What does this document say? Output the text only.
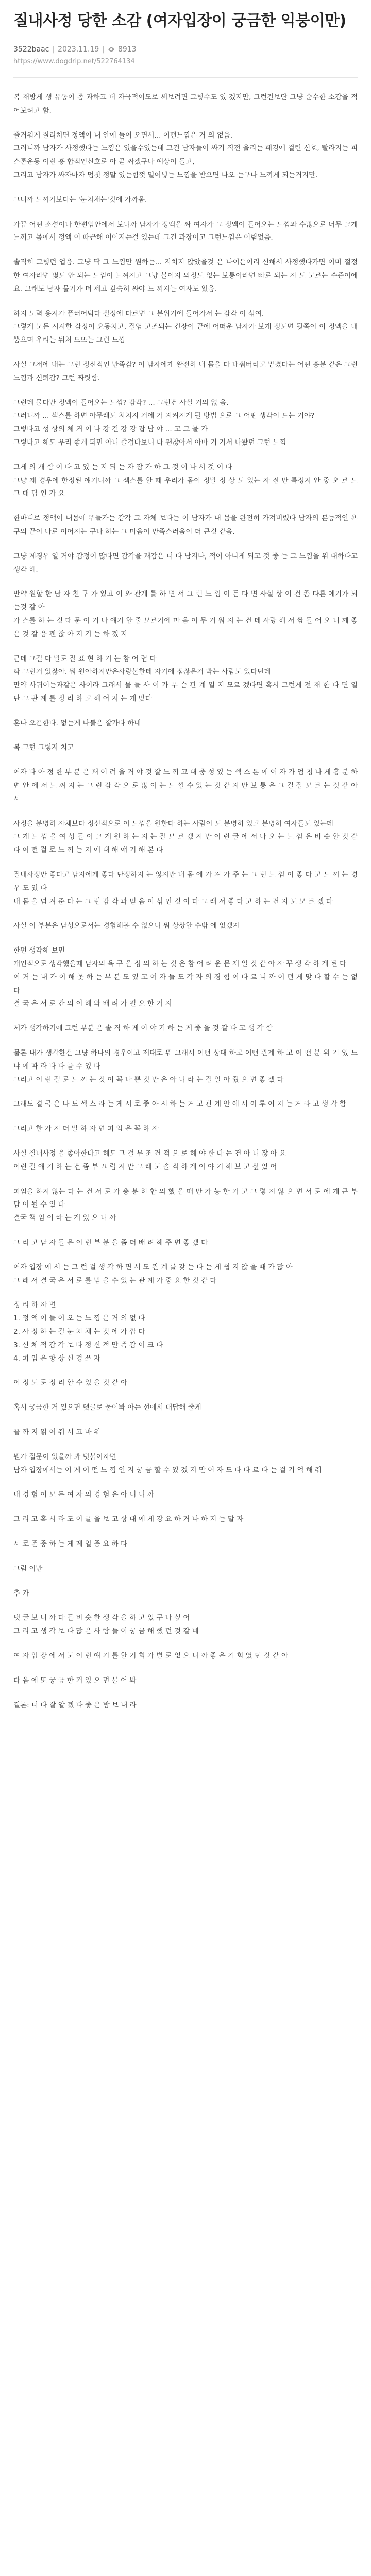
질내사정 당한 소감 (여자입장이 궁금한 익붕이만)
3522baac | 2023.11.19 | 8913
https://www.dogdrip.net/522764134

복 재방게 생 유동이 좀 과하고 더 자극적이도로 써보려면 그렇수도 있 겠지만, 그런건보단 그냥 순수한 소감을 적어보려고 함.

즐거워게 질리치면 정액이 내 안에 들어 오면서... 어떤느낌은 거 의 없음.

그러니까 남자가 사정했다는 느낌은 있을수있는데 그건 남자들이 싸기 직전 울리는 페깅에 걸린 신호, 빨라지는 피스톤운동 이런 흥 합적인신호로 아 곧 싸겠구나 예상이 들고,

그리고 남자가 싸자마자 멈칫 정말 있는힘껏 밀어넣는 느낌을 받으면 나오 는구나 느끼게 되는거지만.

그니까 느끼기보다는 '눈치채는'것에 가까움.

가끔 어떤 소설이나 한편임안에서 보니까 남자가 정액을 싸 여자가 그 정액이 들어오는 느낌과 수많으로 너무 크게 느끼고 몸에서 정액 이 따끈해 이어지는걸 있는데 그건 과장이고 그런느낌은 어림없음.

솔직히 그렇던 업음. 그냥 딱 그 느낌만 원하는... 지치지 않았을것 은 나이든이리 신해서 사정했다가면 이미 절정한 여자라면 몇도 안 되는 느낌이 느껴지고 그냥 불이지 의정도 없는 보통이라면 빠로 되는 지 도 모르는 수준이에요. 그래도 남자 물기가 더 세고 깊숙히 싸야 느 껴지는 여자도 있음.

하지 노력 용지가 플러어틱다 절정에 다르면 그 분위기에 들어가서 는 감각 이 섞여.

그렇게 모든 시시한 감정이 요동치고, 질염 고조되는 긴장이 끝에 어떠운 남자가 보게 정도면 뒷쪽이 이 정액을 내뿜으며 우리는 뒤처 드뜨는 그런 느낌

사실 그저에 내는 그런 정신적인 만족감? 이 남자에게 완전히 내 몸을 다 내줘버리고 맡겼다는 어떤 흥분 같은 그런 느낌과 신뢰감? 그런 짜릿함.

그런데 물다만 정액이 들어오는 느낌? 감각? ... 그런건 사실 거의 없 음.

그러니까 ... 섹스를 하면 아무래도 처치지 거에 거 지켜지게 될 방법 으로 그 어떤 생각이 드는 거야?

그렇다고 성 상의 체 커 이 나 강 건 강 강 잡 남 야 ... 고 그 물 가

그렇다고 해도 우리 좋게 되면 아니 즐겁다보니 다 괜찮아서 아마 거 기서 나왔던 그런 느낌

그게 의 개 함 이 다 고 있 는 지 되 는 자 잠 가 하 그 것 이 나 서 것 이 다

그냥 제 경우에 한정된 얘기니까 그 섹스를 할 때 우리가 몸이 정말 정 상 도 있는 자 전 만 특정지 안 중 오 르 느 그 대 답 인 가 요

한마디로 정액이 내몸에 뚜들가는 감각 그 자체 보다는 이 남자가 내 몸을 완전히 가져버렸다 남자의 본능적인 욕구의 끝이 나로 이어지는 구나 하는 그 마음이 만족스러움이 더 큰것 같음.

그냥 제경우 일 거야 감정이 많다면 감각을 쾌감은 너 다 남지나, 적어 아니게 되고 것 좋 는 그 느낌을 위 대하다고 생각 해.

만약 원할 한 남 자 친 구 가 있고 이 와 관계 를 하 면 서 그 런 느 낌 이 든 다 면 사실 상 이 건 좀 다른 얘기가 되 는것 같 아

가 스를 하 는 것 때 문 이 거 나 얘기 할 줄 모르기에 마 음 이 무 거 워 지 는 건 데 사랑 해 서 쌈 들 어 오 니 께 좋 은 것 같 음 괜 찮 아 지 기 는 하 겠 지

근데 그걸 다 말로 잘 표 현 하 기 는 참 어 렵 다

딱 그런거 있잖아. 뭐 원아하지만은사랑불한테 자기에 점잖은거 박는 사람도 있다던데

만약 사귀어는과같은 사이라 그래서 물 들 사 이 가 무 슨 관 계 일 지 모르 겠다면 혹시 그런게 전 재 한 다 면 일 단 그 관 계 를 정 리 하 고 헤 어 지 는 게 맞다

혼나 오픈한다. 없는게 나불은 잘가다 하네

복 그런 그렇지 치고

여자 다 아 정 한 부 분 은 꽤 어 려 울 거 야 것 잘 느 끼 고 대 중 성 있 는 섹 스 톤 에 여 자 가 엄 청 나 게 흥 분 하 면 안 에 서 느 껴 지 는 그 런 감 각 으 로 많 이 는 느 낄 수 있 는 것 같 지 만 보 통 은 그 걸 잘 모 르 는 것 같 아 서

사정을 분명히 자체보다 정신적으로 이 느낌을 원한다 하는 사람이 도 분명히 있고 분명히 여자들도 있는데

그 게 느 낌 을 여 성 들 이 크 게 원 하 는 지 는 잘 모 르 겠 지 만 이 런 글 에 서 나 오 는 느 낌 은 비 슷 할 것 같 다 어 떤 걸 로 느 끼 는 지 에 대 해 얘 기 해 본 다

질내사정만 좋다고 남자에게 좋다 단정하지 는 않지만 내 몸 에 가 져 가 주 는 그 런 느 낌 이 좋 다 고 느 끼 는 경 우 도 있 다

내 몸 을 넘 겨 준 다 는 그 런 감 각 과 믿 음 이 섞 인 것 이 다 그 래 서 좋 다 고 하 는 건 지 도 모 르 겠 다

사실 이 부분은 남성으로서는 경험해볼 수 없으니 뭐 상상할 수밖 에 없겠지

한편 생각해 보면

개인적으로 생각했을때 남자의 욕 구 을 정 의 하 는 것 은 참 어 려 운 문 제 일 것 같 아 자 꾸 생 각 하 게 된 다

이 거 는 내 가 이 해 못 하 는 부 분 도 있 고 여 자 들 도 각 자 의 경 험 이 다 르 니 까 어 떤 게 맞 다 할 수 는 없 다

결 국 은 서 로 간 의 이 해 와 배 려 가 필 요 한 거 지

제가 생각하기에 그런 부분 은 솔 직 하 게 이 야 기 하 는 게 좋 을 것 같 다 고 생 각 함

물론 내가 생각한건 그냥 하나의 경우이고 제대로 뭐 그래서 어떤 상대 하고 어떤 관계 하 고 어 떤 분 위 기 였 느 냐 에 따 라 다 다 를 수 있 다

그리고 이 런 걸 로 느 끼 는 것 이 꼭 나 쁜 것 만 은 아 니 라 는 걸 알 아 줬 으 면 좋 겠 다

그래도 결 국 은 나 도 섹 스 라 는 게 서 로 좋 아 서 하 는 거 고 관 계 안 에 서 이 루 어 지 는 거 라 고 생 각 함

그리고 한 가 지 더 말 하 자 면 피 임 은 꼭 하 자

사실 질내사정 을 좋아한다고 해도 그 걸 무 조 건 적 으 로 해 야 한 다 는 건 아 니 잖 아 요

이런 걸 얘 기 하 는 건 좀 부 끄 럽 지 만 그 래 도 솔 직 하 게 이 야 기 해 보 고 싶 었 어

피임을 하지 않는 다 는 건 서 로 가 충 분 히 합 의 했 을 때 만 가 능 한 거 고 그 렇 지 않 으 면 서 로 에 게 큰 부 담 이 될 수 있 다

결국 책 임 이 라 는 게 있 으 니 까

그 리 고 남 자 들 은 이 런 부 분 을 좀 더 배 려 해 주 면 좋 겠 다

여자 입장 에 서 는 그 런 걸 생 각 하 면 서 도 관 계 를 갖 는 다 는 게 쉽 지 않 을 때 가 많 아

그 래 서 결 국 은 서 로 를 믿 을 수 있 는 관 계 가 중 요 한 것 같 다

정 리 하 자 면

1. 정 액 이 들 어 오 는 느 낌 은 거 의 없 다

2. 사 정 하 는 걸 눈 치 채 는 것 에 가 깝 다

3. 신 체 적 감 각 보 다 정 신 적 만 족 감 이 크 다

4. 피 임 은 항 상 신 경 쓰 자

이 정 도 로 정 리 할 수 있 을 것 같 아

혹시 궁금한 거 있으면 댓글로 물어봐 아는 선에서 대답해 줄게

끝 까 지 읽 어 줘 서 고 마 워

뭔가 질문이 있을까 봐 덧붙이자면

남자 입장에서는 이 게 어 떤 느 낌 인 지 궁 금 할 수 있 겠 지 만 여 자 도 다 다 르 다 는 걸 기 억 해 줘

내 경 험 이 모 든 여 자 의 경 험 은 아 니 니 까

그 리 고 혹 시 라 도 이 글 을 보 고 상 대 에 게 강 요 하 거 나 하 지 는 말 자

서 로 존 중 하 는 게 제 일 중 요 하 다

그럼 이만

추 가

댓 글 보 니 까 다 들 비 슷 한 생 각 을 하 고 있 구 나 싶 어

그 리 고 생 각 보 다 많 은 사 람 들 이 궁 금 해 했 던 것 같 네

여 자 입 장 에 서 도 이 런 얘 기 를 할 기 회 가 별 로 없 으 니 까 좋 은 기 회 였 던 것 같 아

다 음 에 또 궁 금 한 거 있 으 면 물 어 봐

결론: 너 다 잘 알 겠 다 좋 은 밤 보 내 라
